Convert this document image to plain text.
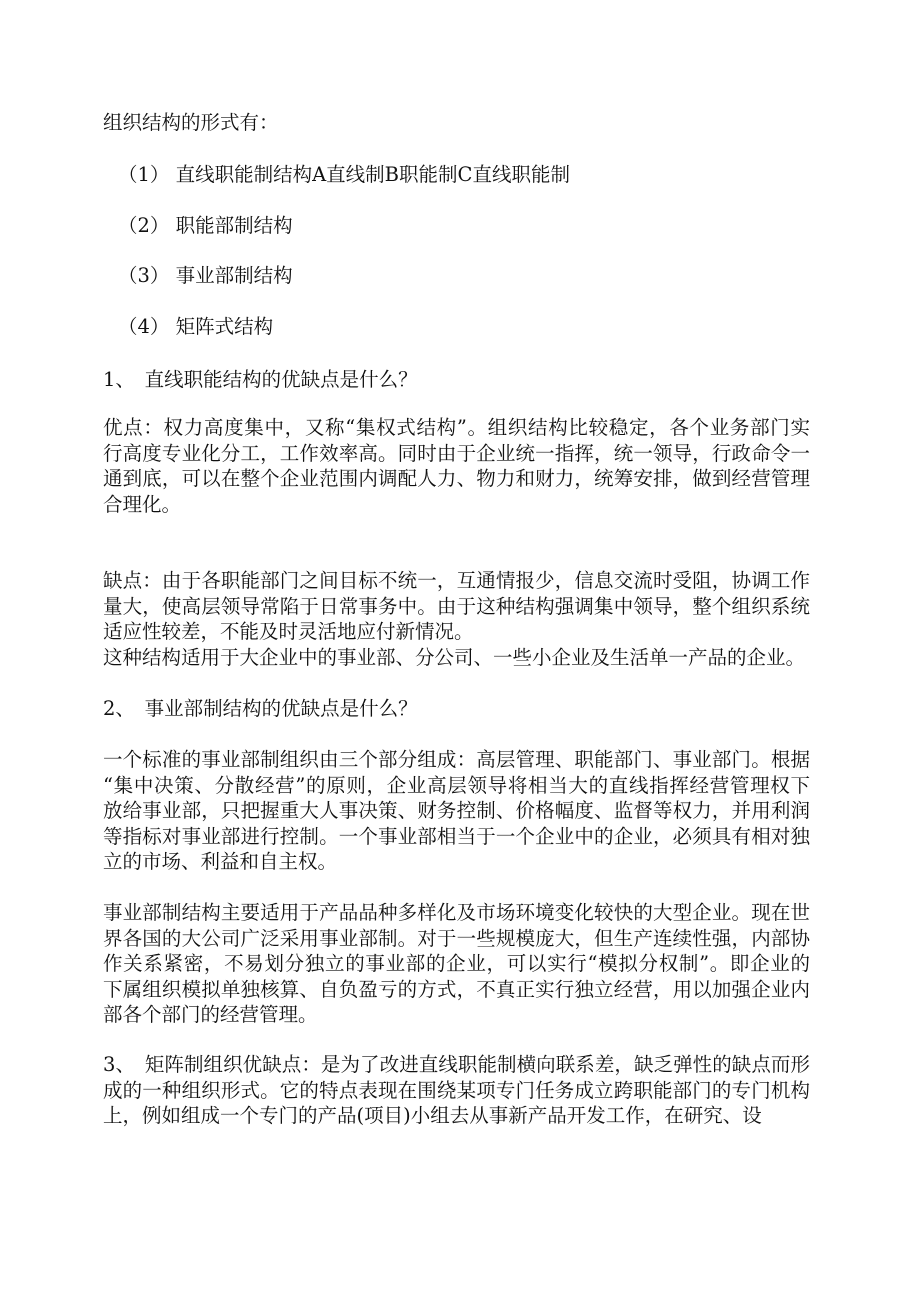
组织结构的形式有：
（1） 直线职能制结构A直线制B职能制C直线职能制
（2） 职能部制结构
（3） 事业部制结构
（4） 矩阵式结构
1、　直线职能结构的优缺点是什么？
优点：权力高度集中，又称“集权式结构”。组织结构比较稳定，各个业务部门实
行高度专业化分工，工作效率高。同时由于企业统一指挥，统一领导，行政命令一
通到底，可以在整个企业范围内调配人力、物力和财力，统筹安排，做到经营管理
合理化。
缺点：由于各职能部门之间目标不统一，互通情报少，信息交流时受阻，协调工作
量大，使高层领导常陷于日常事务中。由于这种结构强调集中领导，整个组织系统
适应性较差，不能及时灵活地应付新情况。
这种结构适用于大企业中的事业部、分公司、一些小企业及生活单一产品的企业。
2、　事业部制结构的优缺点是什么？
一个标准的事业部制组织由三个部分组成：高层管理、职能部门、事业部门。根据
“集中决策、分散经营”的原则，企业高层领导将相当大的直线指挥经营管理权下
放给事业部，只把握重大人事决策、财务控制、价格幅度、监督等权力，并用利润
等指标对事业部进行控制。一个事业部相当于一个企业中的企业，必须具有相对独
立的市场、利益和自主权。
事业部制结构主要适用于产品品种多样化及市场环境变化较快的大型企业。现在世
界各国的大公司广泛采用事业部制。对于一些规模庞大，但生产连续性强，内部协
作关系紧密，不易划分独立的事业部的企业，可以实行“模拟分权制”。即企业的
下属组织模拟单独核算、自负盈亏的方式，不真正实行独立经营，用以加强企业内
部各个部门的经营管理。
3、　矩阵制组织优缺点：是为了改进直线职能制横向联系差，缺乏弹性的缺点而形
成的一种组织形式。它的特点表现在围绕某项专门任务成立跨职能部门的专门机构
上，例如组成一个专门的产品(项目)小组去从事新产品开发工作，在研究、设
